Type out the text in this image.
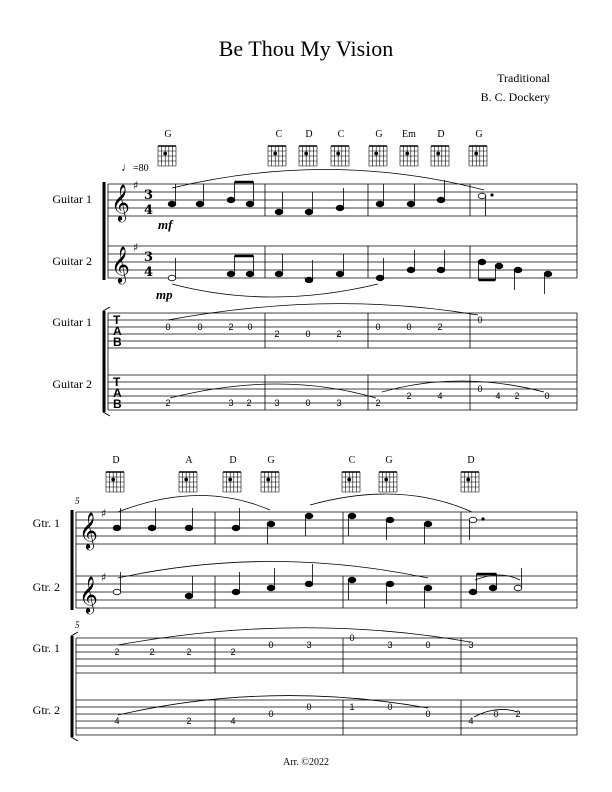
Be Thou My Vision
Traditional
B. C. Dockery
♩=80
G	C	D	C	G	Em	D	G
D	A	D	G	C	G	D
Guitar 1
Guitar 2
Guitar 1
Guitar 2
Gtr. 1
Gtr. 2
Gtr. 1
Gtr. 2
mf
mp
5
5
Arr. ©2022
𝄞
𝄞
𝄞
𝄞
♯
♯
♯
♯
3
4
3
4
T
A
B
T
A
B
0	0	2 0
2	0	2
0	0	2
0
2	3 2	3	0	3	2
2	4
0
4 2	0
2	2	2	2
0	3
0
3	0	3
4	2	4
0
0	1	0
0
4
0 2
